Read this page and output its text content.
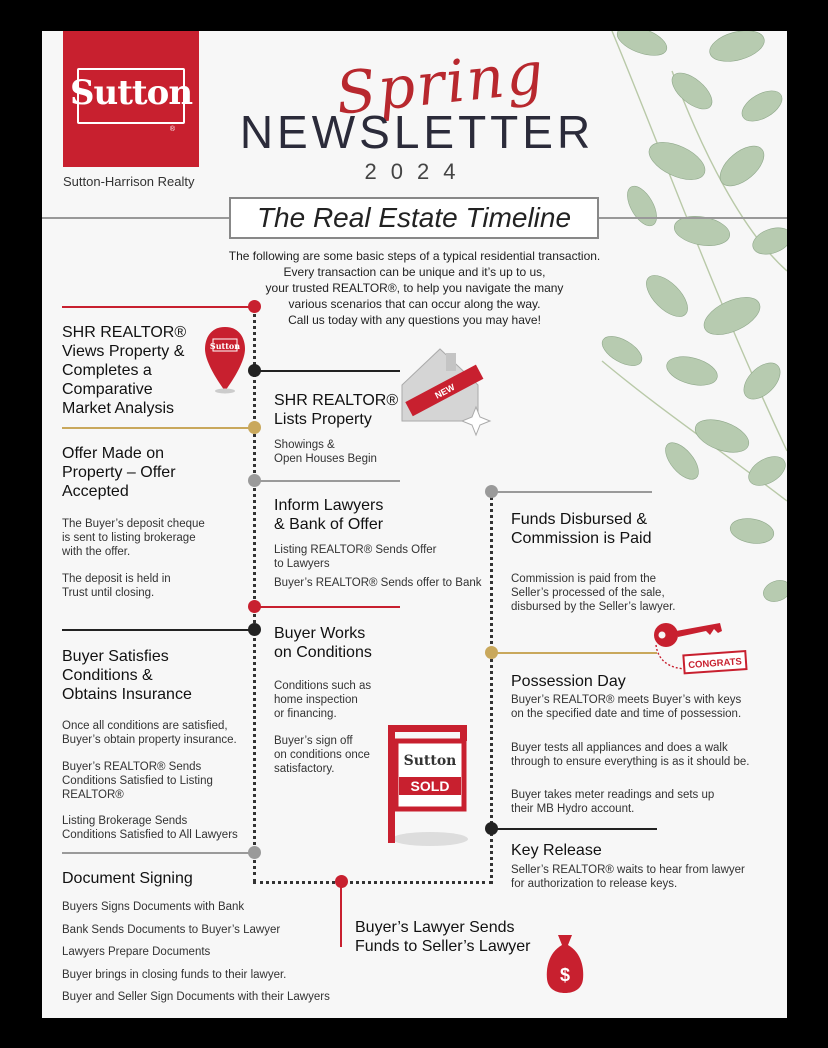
Sutton
®
Sutton-Harrison Realty
Spring
NEWSLETTER
2024
The Real Estate Timeline
The following are some basic steps of a typical residential transaction.
Every transaction can be unique and it’s up to us,
your trusted REALTOR®, to help you navigate the many
various scenarios that can occur along the way.
Call us today with any questions you may have!
SHR REALTOR®
Views Property &
Completes a
Comparative
Market Analysis
Sutton
SHR REALTOR®
Lists Property
Showings &
Open Houses Begin
NEW
Offer Made on
Property – Offer
Accepted
The Buyer’s deposit cheque
is sent to listing brokerage
with the offer.
The deposit is held in
Trust until closing.
Inform Lawyers
& Bank of Offer
Listing REALTOR® Sends Offer
to Lawyers
Buyer’s REALTOR® Sends offer to Bank
Funds Disbursed &
Commission is Paid
Commission is paid from the
Seller’s processed of the sale,
disbursed by the Seller’s lawyer.
CONGRATS
Buyer Works
on Conditions
Conditions such as
home inspection
or financing.
Buyer’s sign off
on conditions once
satisfactory.	Sutton
SOLD
Buyer Satisfies
Conditions &
Obtains Insurance
Once all conditions are satisfied,
Buyer’s obtain property insurance.
Buyer’s REALTOR® Sends
Conditions Satisfied to Listing
REALTOR®
Listing Brokerage Sends
Conditions Satisfied to All Lawyers
Possession Day
Buyer’s REALTOR® meets Buyer’s with keys
on the specified date and time of possession.
Buyer tests all appliances and does a walk
through to ensure everything is as it should be.
Buyer takes meter readings and sets up
their MB Hydro account.
Key Release
Seller’s REALTOR® waits to hear from lawyer
for authorization to release keys.
Document Signing
Buyers Signs Documents with Bank
Bank Sends Documents to Buyer’s Lawyer
Lawyers Prepare Documents
Buyer brings in closing funds to their lawyer.
Buyer and Seller Sign Documents with their Lawyers
Buyer’s Lawyer Sends
Funds to Seller’s Lawyer
$
